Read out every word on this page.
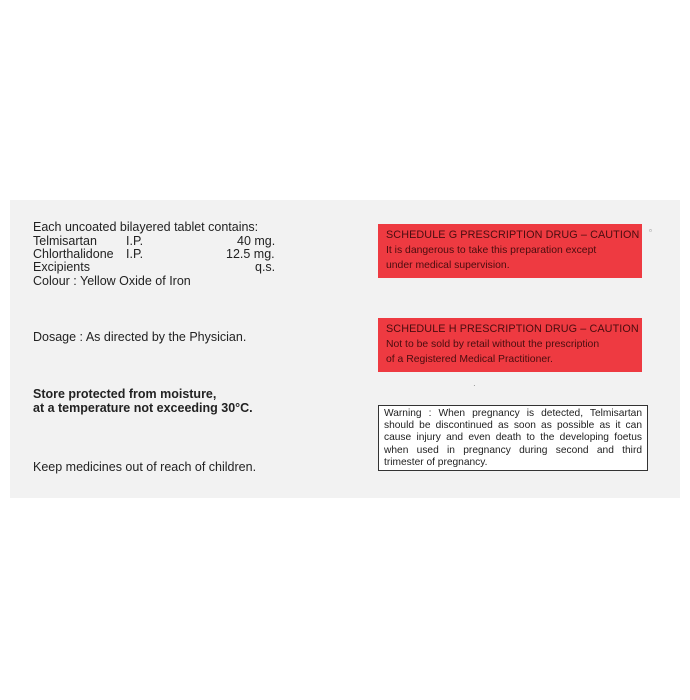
Each uncoated bilayered tablet contains:
Telmisartan I.P.	40 mg.
Chlorthalidone I.P.	12.5 mg.
Excipients	q.s.
Colour : Yellow Oxide of Iron
Dosage : As directed by the Physician.
Store protected from moisture,
at a temperature not exceeding 30°C.
Keep medicines out of reach of children.
SCHEDULE G PRESCRIPTION DRUG – CAUTION
It is dangerous to take this preparation except
under medical supervision.
SCHEDULE H PRESCRIPTION DRUG – CAUTION
Not to be sold by retail without the prescription
of a Registered Medical Practitioner.
▫
·
Warning : When pregnancy is detected, Telmisartan should be discontinued as soon as possible as it can cause injury and even death to the developing foetus when used in pregnancy during second and third trimester of pregnancy.
